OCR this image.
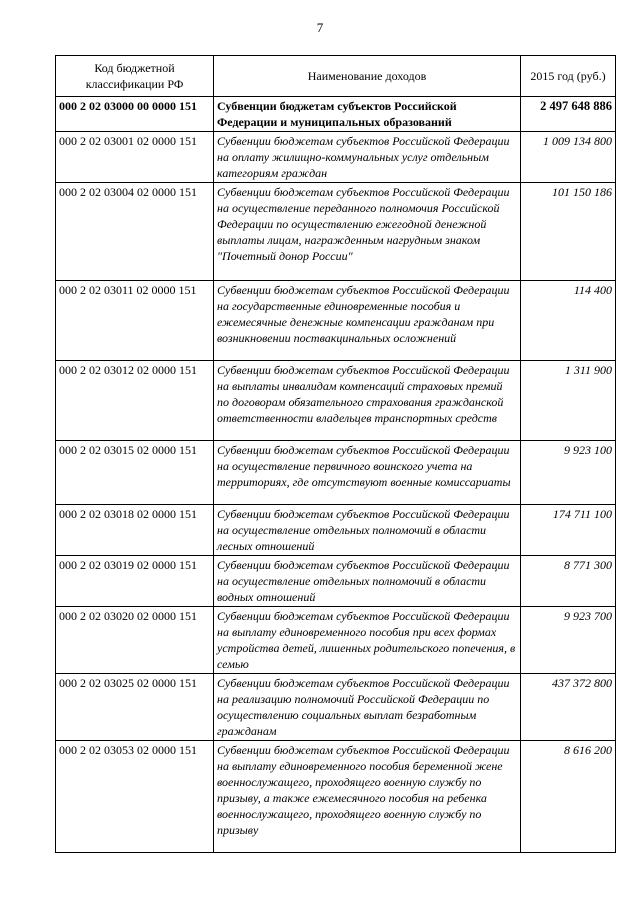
7
Код бюджетной классификации РФ	Наименование доходов	2015 год (руб.)
000 2 02 03000 00 0000 151	Субвенции бюджетам субъектов Российской Федерации и муниципальных образований	2 497 648 886
000 2 02 03001 02 0000 151	Субвенции бюджетам субъектов Российской Федерации на оплату жилищно-коммунальных услуг отдельным категориям граждан	1 009 134 800
000 2 02 03004 02 0000 151	Субвенции бюджетам субъектов Российской Федерации на осуществление переданного полномочия Российской Федерации по осуществлению ежегодной денежной выплаты лицам, награжденным нагрудным знаком "Почетный донор России"	101 150 186
000 2 02 03011 02 0000 151	Субвенции бюджетам субъектов Российской Федерации на государственные единовременные пособия и ежемесячные денежные компенсации гражданам при возникновении поствакцинальных осложнений	114 400
000 2 02 03012 02 0000 151	Субвенции бюджетам субъектов Российской Федерации на выплаты инвалидам компенсаций страховых премий по договорам обязательного страхования гражданской ответственности владельцев транспортных средств	1 311 900
000 2 02 03015 02 0000 151	Субвенции бюджетам субъектов Российской Федерации на осуществление первичного воинского учета на территориях, где отсутствуют военные комиссариаты	9 923 100
000 2 02 03018 02 0000 151	Субвенции бюджетам субъектов Российской Федерации на осуществление отдельных полномочий в области лесных отношений	174 711 100
000 2 02 03019 02 0000 151	Субвенции бюджетам субъектов Российской Федерации на осуществление отдельных полномочий в области водных отношений	8 771 300
000 2 02 03020 02 0000 151	Субвенции бюджетам субъектов Российской Федерации на выплату единовременного пособия при всех формах устройства детей, лишенных родительского попечения, в семью	9 923 700
000 2 02 03025 02 0000 151	Субвенции бюджетам субъектов Российской Федерации на реализацию полномочий Российской Федерации по осуществлению социальных выплат безработным гражданам	437 372 800
000 2 02 03053 02 0000 151	Субвенции бюджетам субъектов Российской Федерации на выплату единовременного пособия беременной жене военнослужащего, проходящего военную службу по призыву, а также ежемесячного пособия на ребенка военнослужащего, проходящего военную службу по призыву	8 616 200
